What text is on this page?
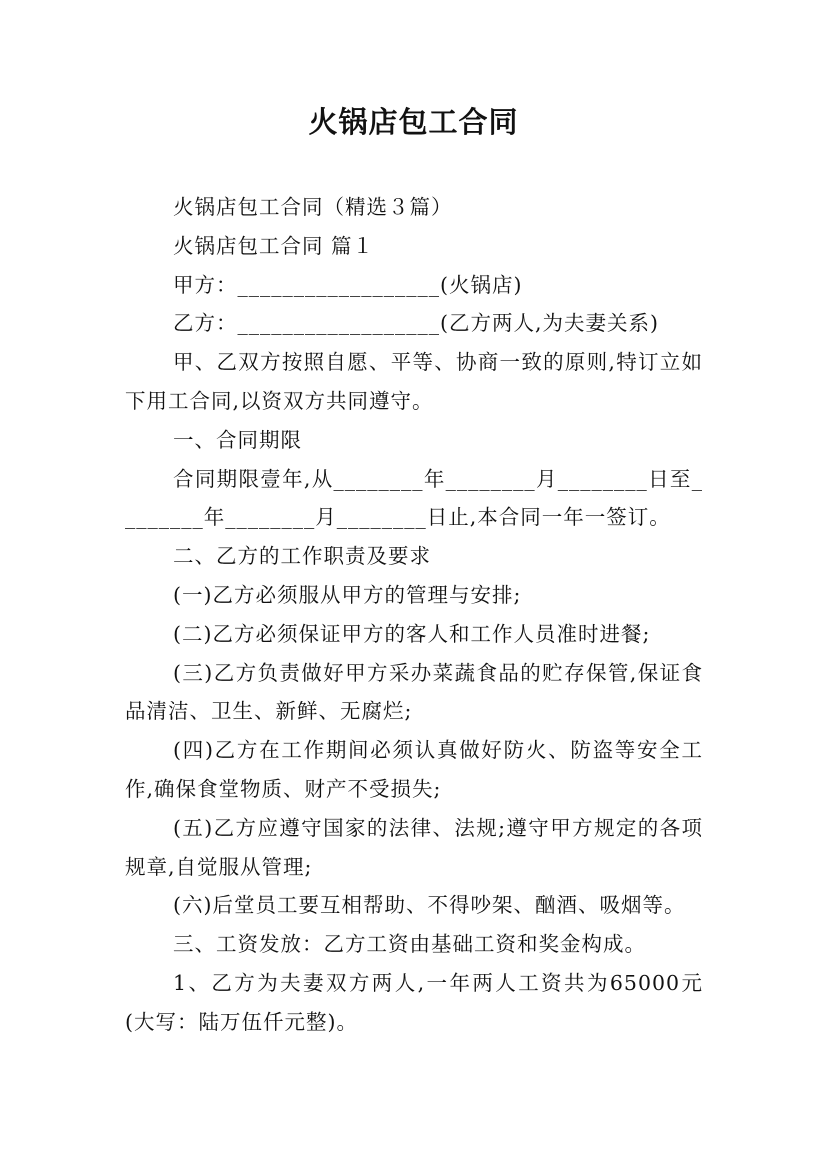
火锅店包工合同

火锅店包工合同（精选３篇）

火锅店包工合同 篇１

甲方：__________________(火锅店)

乙方：__________________(乙方两人,为夫妻关系)

甲、乙双方按照自愿、平等、协商一致的原则,特订立如下用工合同,以资双方共同遵守。

一、合同期限

合同期限壹年,从________年________月________日至________年________月________日止,本合同一年一签订。

二、乙方的工作职责及要求

(一)乙方必须服从甲方的管理与安排;

(二)乙方必须保证甲方的客人和工作人员准时进餐;

(三)乙方负责做好甲方采办菜蔬食品的贮存保管,保证食品清洁、卫生、新鲜、无腐烂;

(四)乙方在工作期间必须认真做好防火、防盗等安全工作,确保食堂物质、财产不受损失;

(五)乙方应遵守国家的法律、法规;遵守甲方规定的各项规章,自觉服从管理;

(六)后堂员工要互相帮助、不得吵架、酗酒、吸烟等。

三、工资发放：乙方工资由基础工资和奖金构成。

1、乙方为夫妻双方两人,一年两人工资共为65000元(大写：陆万伍仟元整)。
